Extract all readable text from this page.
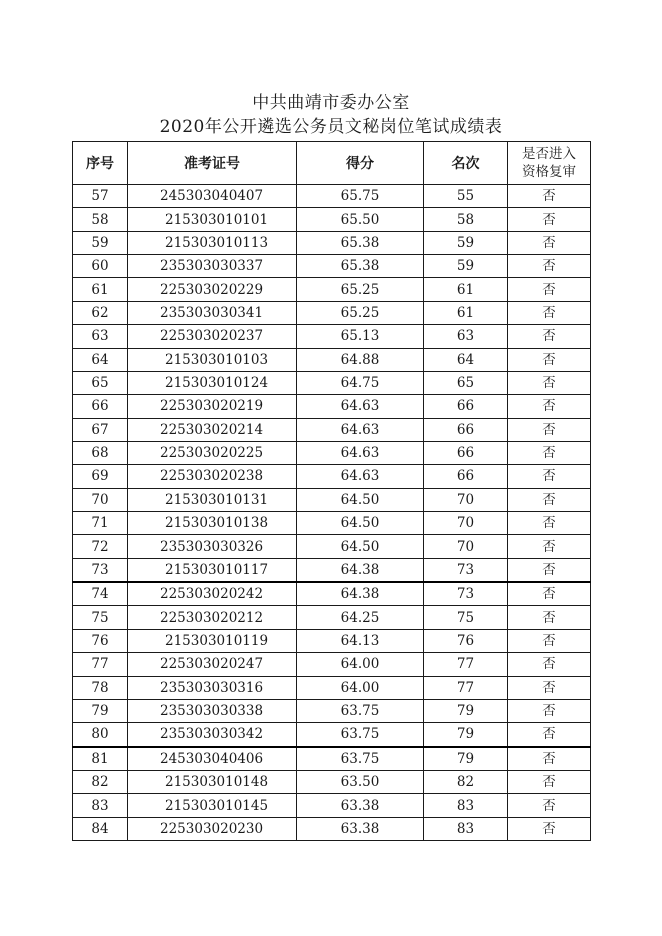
中共曲靖市委办公室
2020年公开遴选公务员文秘岗位笔试成绩表
序号	准考证号	得分	名次	是否进入
资格复审
57	245303040407	65.75	55	否
58	215303010101	65.50	58	否
59	215303010113	65.38	59	否
60	235303030337	65.38	59	否
61	225303020229	65.25	61	否
62	235303030341	65.25	61	否
63	225303020237	65.13	63	否
64	215303010103	64.88	64	否
65	215303010124	64.75	65	否
66	225303020219	64.63	66	否
67	225303020214	64.63	66	否
68	225303020225	64.63	66	否
69	225303020238	64.63	66	否
70	215303010131	64.50	70	否
71	215303010138	64.50	70	否
72	235303030326	64.50	70	否
73	215303010117	64.38	73	否
74	225303020242	64.38	73	否
75	225303020212	64.25	75	否
76	215303010119	64.13	76	否
77	225303020247	64.00	77	否
78	235303030316	64.00	77	否
79	235303030338	63.75	79	否
80	235303030342	63.75	79	否
81	245303040406	63.75	79	否
82	215303010148	63.50	82	否
83	215303010145	63.38	83	否
84	225303020230	63.38	83	否
